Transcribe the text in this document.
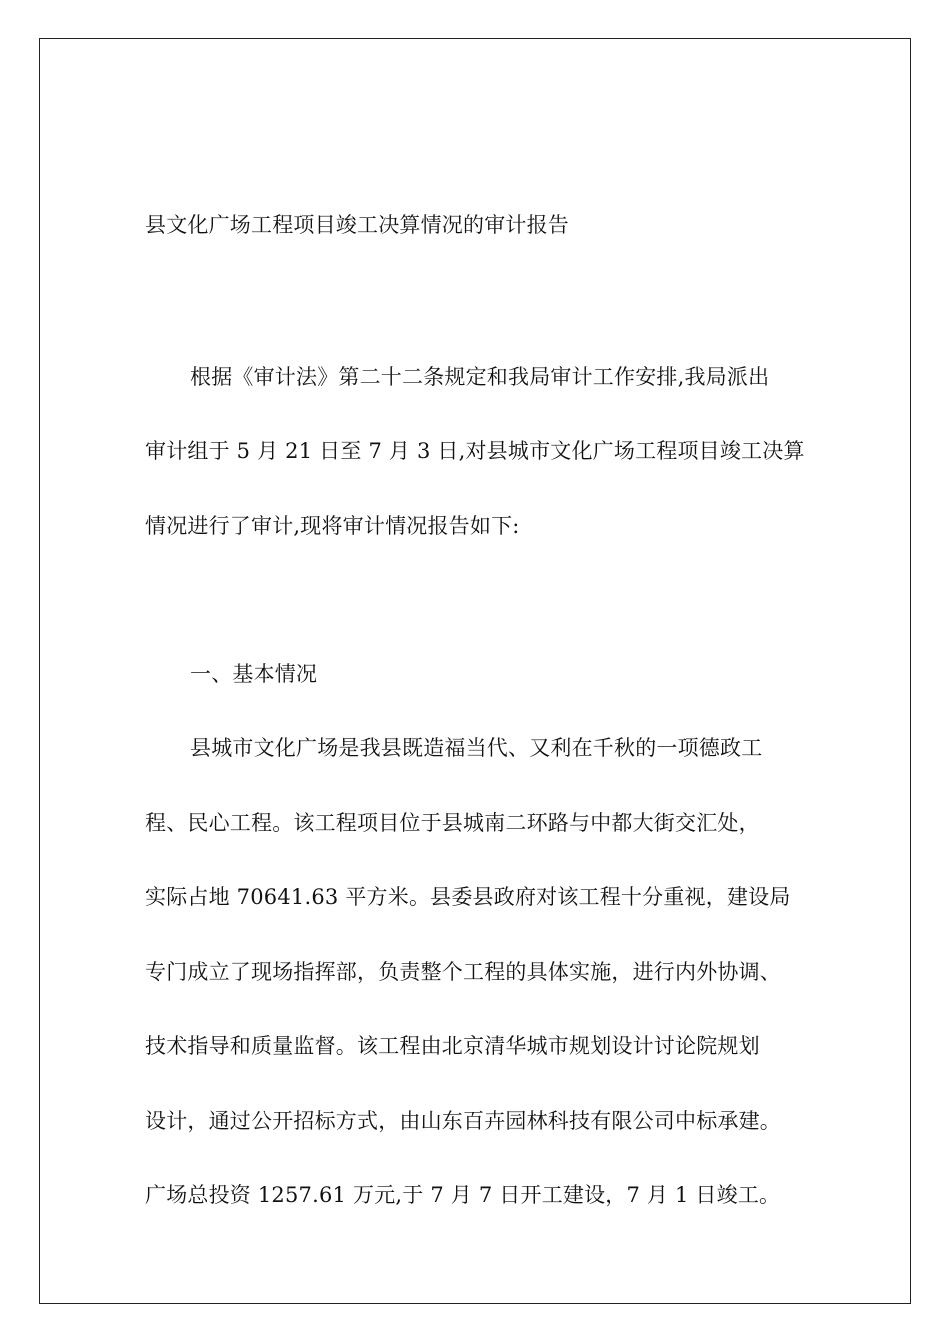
县文化广场工程项目竣工决算情况的审计报告
根据《审计法》第二十二条规定和我局审计工作安排,我局派出
审计组于 5 月 21 日至 7 月 3 日,对县城市文化广场工程项目竣工决算
情况进行了审计,现将审计情况报告如下:
一、基本情况
县城市文化广场是我县既造福当代、又利在千秋的一项德政工
程、民心工程。该工程项目位于县城南二环路与中都大街交汇处，
实际占地 70641.63 平方米。县委县政府对该工程十分重视，建设局
专门成立了现场指挥部，负责整个工程的具体实施，进行内外协调、
技术指导和质量监督。该工程由北京清华城市规划设计讨论院规划
设计，通过公开招标方式，由山东百卉园林科技有限公司中标承建。
广场总投资 1257.61 万元,于 7 月 7 日开工建设，7 月 1 日竣工。
